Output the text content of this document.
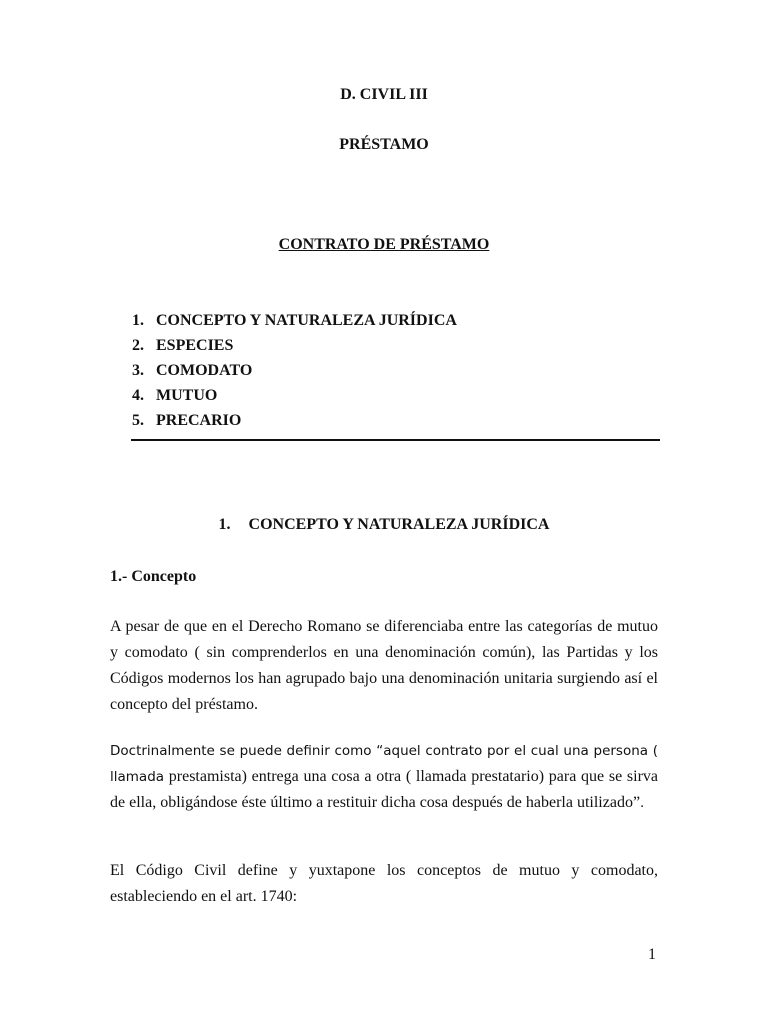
D. CIVIL III
PRÉSTAMO
CONTRATO DE PRÉSTAMO
1. CONCEPTO Y NATURALEZA JURÍDICA
2. ESPECIES
3. COMODATO
4. MUTUO
5. PRECARIO
1. CONCEPTO Y NATURALEZA JURÍDICA
1.- Concepto
A pesar de que en el Derecho Romano se diferenciaba entre las categorías de mutuo y comodato ( sin comprenderlos en una denominación común), las Partidas y los Códigos modernos los han agrupado bajo una denominación unitaria surgiendo así el concepto del préstamo.
Doctrinalmente se puede definir como “aquel contrato por el cual una persona ( llamada prestamista) entrega una cosa a otra ( llamada prestatario) para que se sirva de ella, obligándose éste último a restituir dicha cosa después de haberla utilizado”.
El Código Civil define y yuxtapone los conceptos de mutuo y comodato, estableciendo en el art. 1740:
1
